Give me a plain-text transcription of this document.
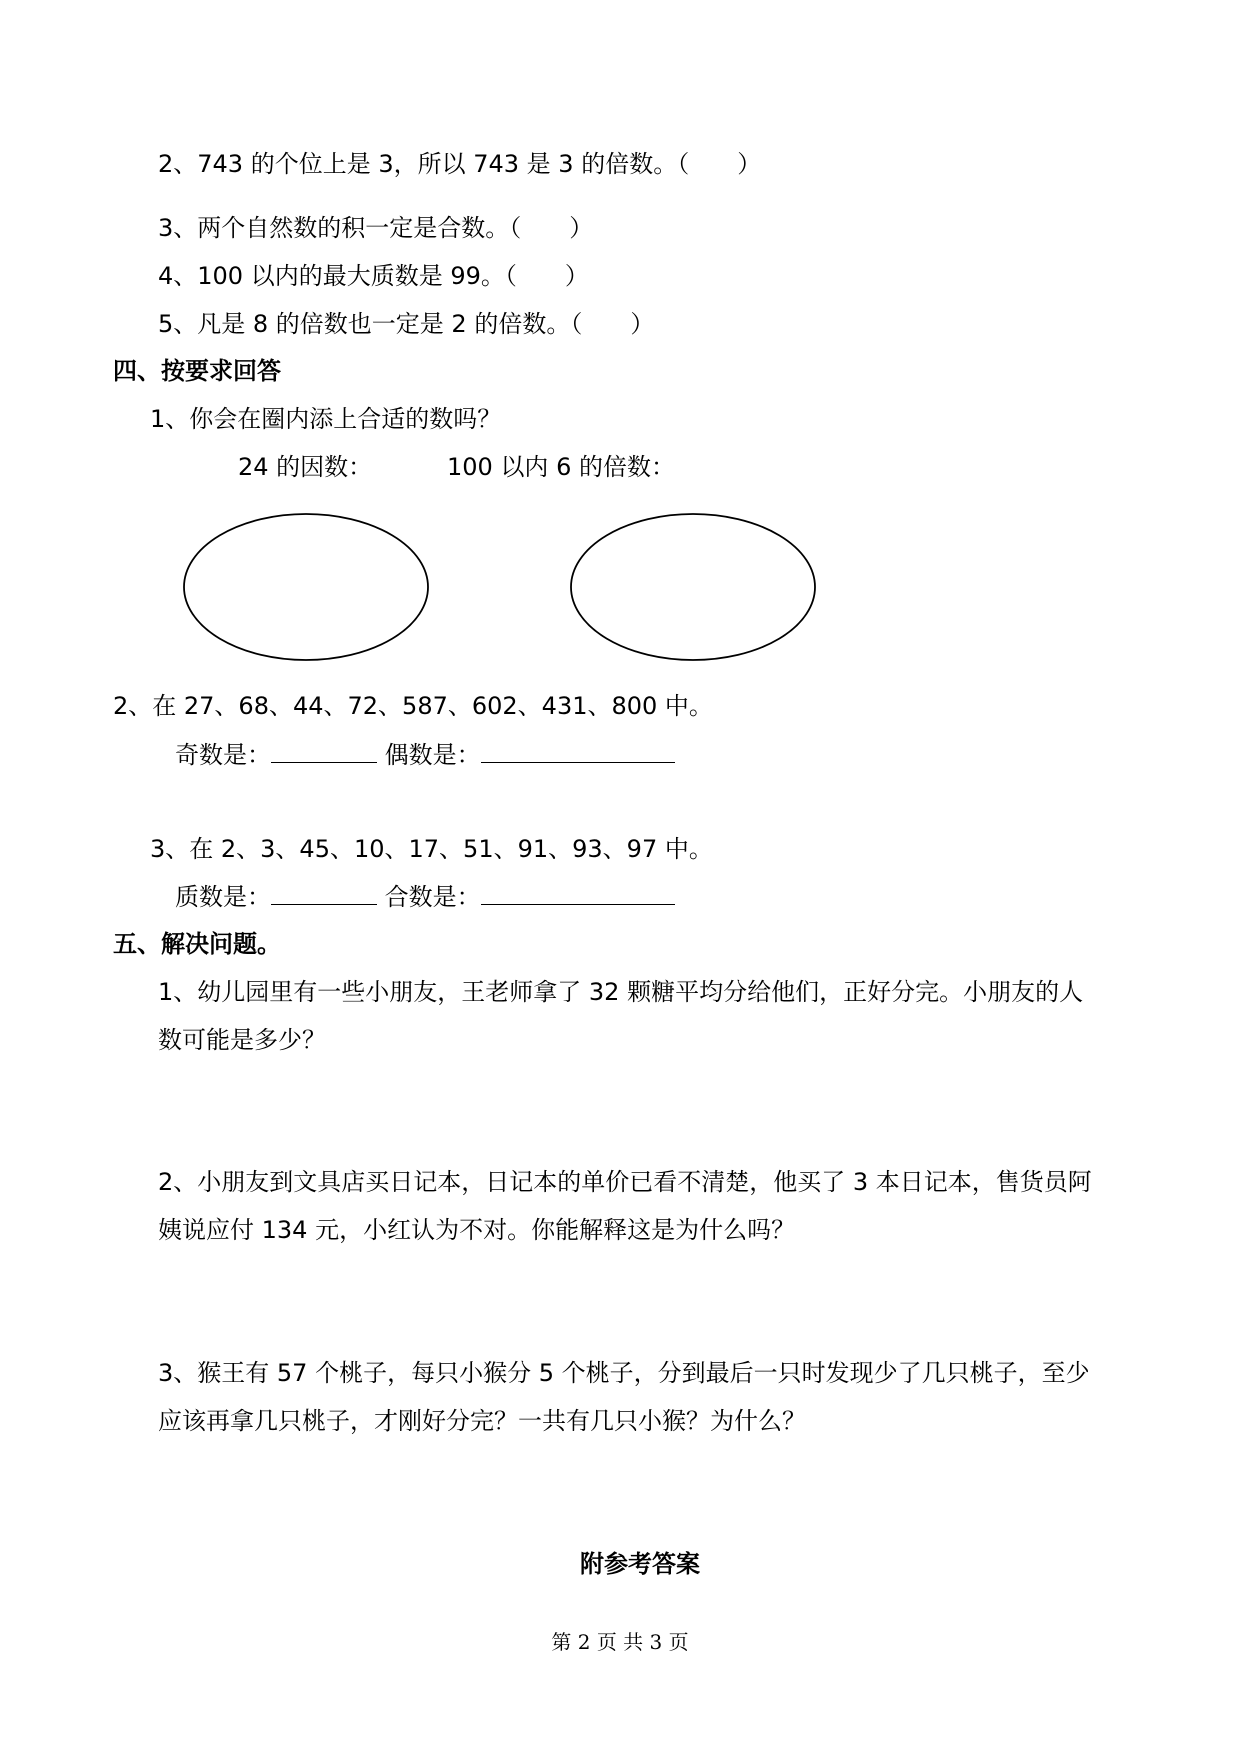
2、743 的个位上是 3，所以 743 是 3 的倍数。（　　）
3、两个自然数的积一定是合数。（　　）
4、100 以内的最大质数是 99。（　　）
5、凡是 8 的倍数也一定是 2 的倍数。（　　）
四、按要求回答
1、你会在圈内添上合适的数吗？
24 的因数：	100 以内 6 的倍数：
2、在 27、68、44、72、587、602、431、800 中。
奇数是：	偶数是：
3、在 2、3、45、10、17、51、91、93、97 中。
质数是：	合数是：
五、解决问题。
1、幼儿园里有一些小朋友，王老师拿了 32 颗糖平均分给他们，正好分完。小朋友的人
数可能是多少？
2、小朋友到文具店买日记本，日记本的单价已看不清楚，他买了 3 本日记本，售货员阿
姨说应付 134 元，小红认为不对。你能解释这是为什么吗？
3、猴王有 57 个桃子，每只小猴分 5 个桃子，分到最后一只时发现少了几只桃子，至少
应该再拿几只桃子，才刚好分完？一共有几只小猴？为什么？
附参考答案
第 2 页 共 3 页
